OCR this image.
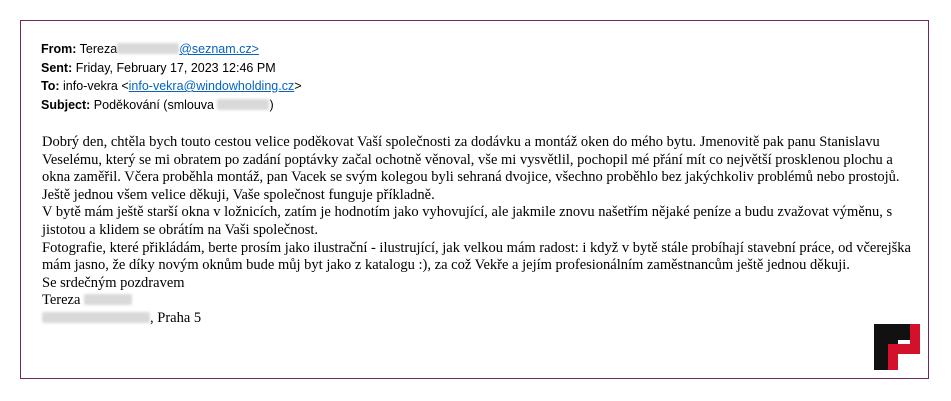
From: Tereza	@seznam.cz>
Sent: Friday, February 17, 2023 12:46 PM
To: info-vekra <info-vekra@windowholding.cz>
Subject: Poděkování (smlouva	)

Dobrý den, chtěla bych touto cestou velice poděkovat Vaší společnosti za dodávku a montáž oken do mého bytu. Jmenovitě pak panu Stanislavu Veselému, který se mi obratem po zadání poptávky začal ochotně věnoval, vše mi vysvětlil, pochopil mé přání mít co největší prosklenou plochu a okna zaměřil. Včera proběhla montáž, pan Vacek se svým kolegou byli sehraná dvojice, všechno proběhlo bez jakýchkoliv problémů nebo prostojů. Ještě jednou všem velice děkuji, Vaše společnost funguje příkladně.

V bytě mám ještě starší okna v ložnicích, zatím je hodnotím jako vyhovující, ale jakmile znovu našetřím nějaké peníze a budu zvažovat výměnu, s jistotou a klidem se obrátím na Vaši společnost.

Fotografie, které přikládám, berte prosím jako ilustrační - ilustrující, jak velkou mám radost: i když v bytě stále probíhají stavební práce, od včerejška mám jasno, že díky novým oknům bude můj byt jako z katalogu :), za což Vekře a jejím profesionálním zaměstnancům ještě jednou děkuji.

Se srdečným pozdravem

Tereza

, Praha 5
